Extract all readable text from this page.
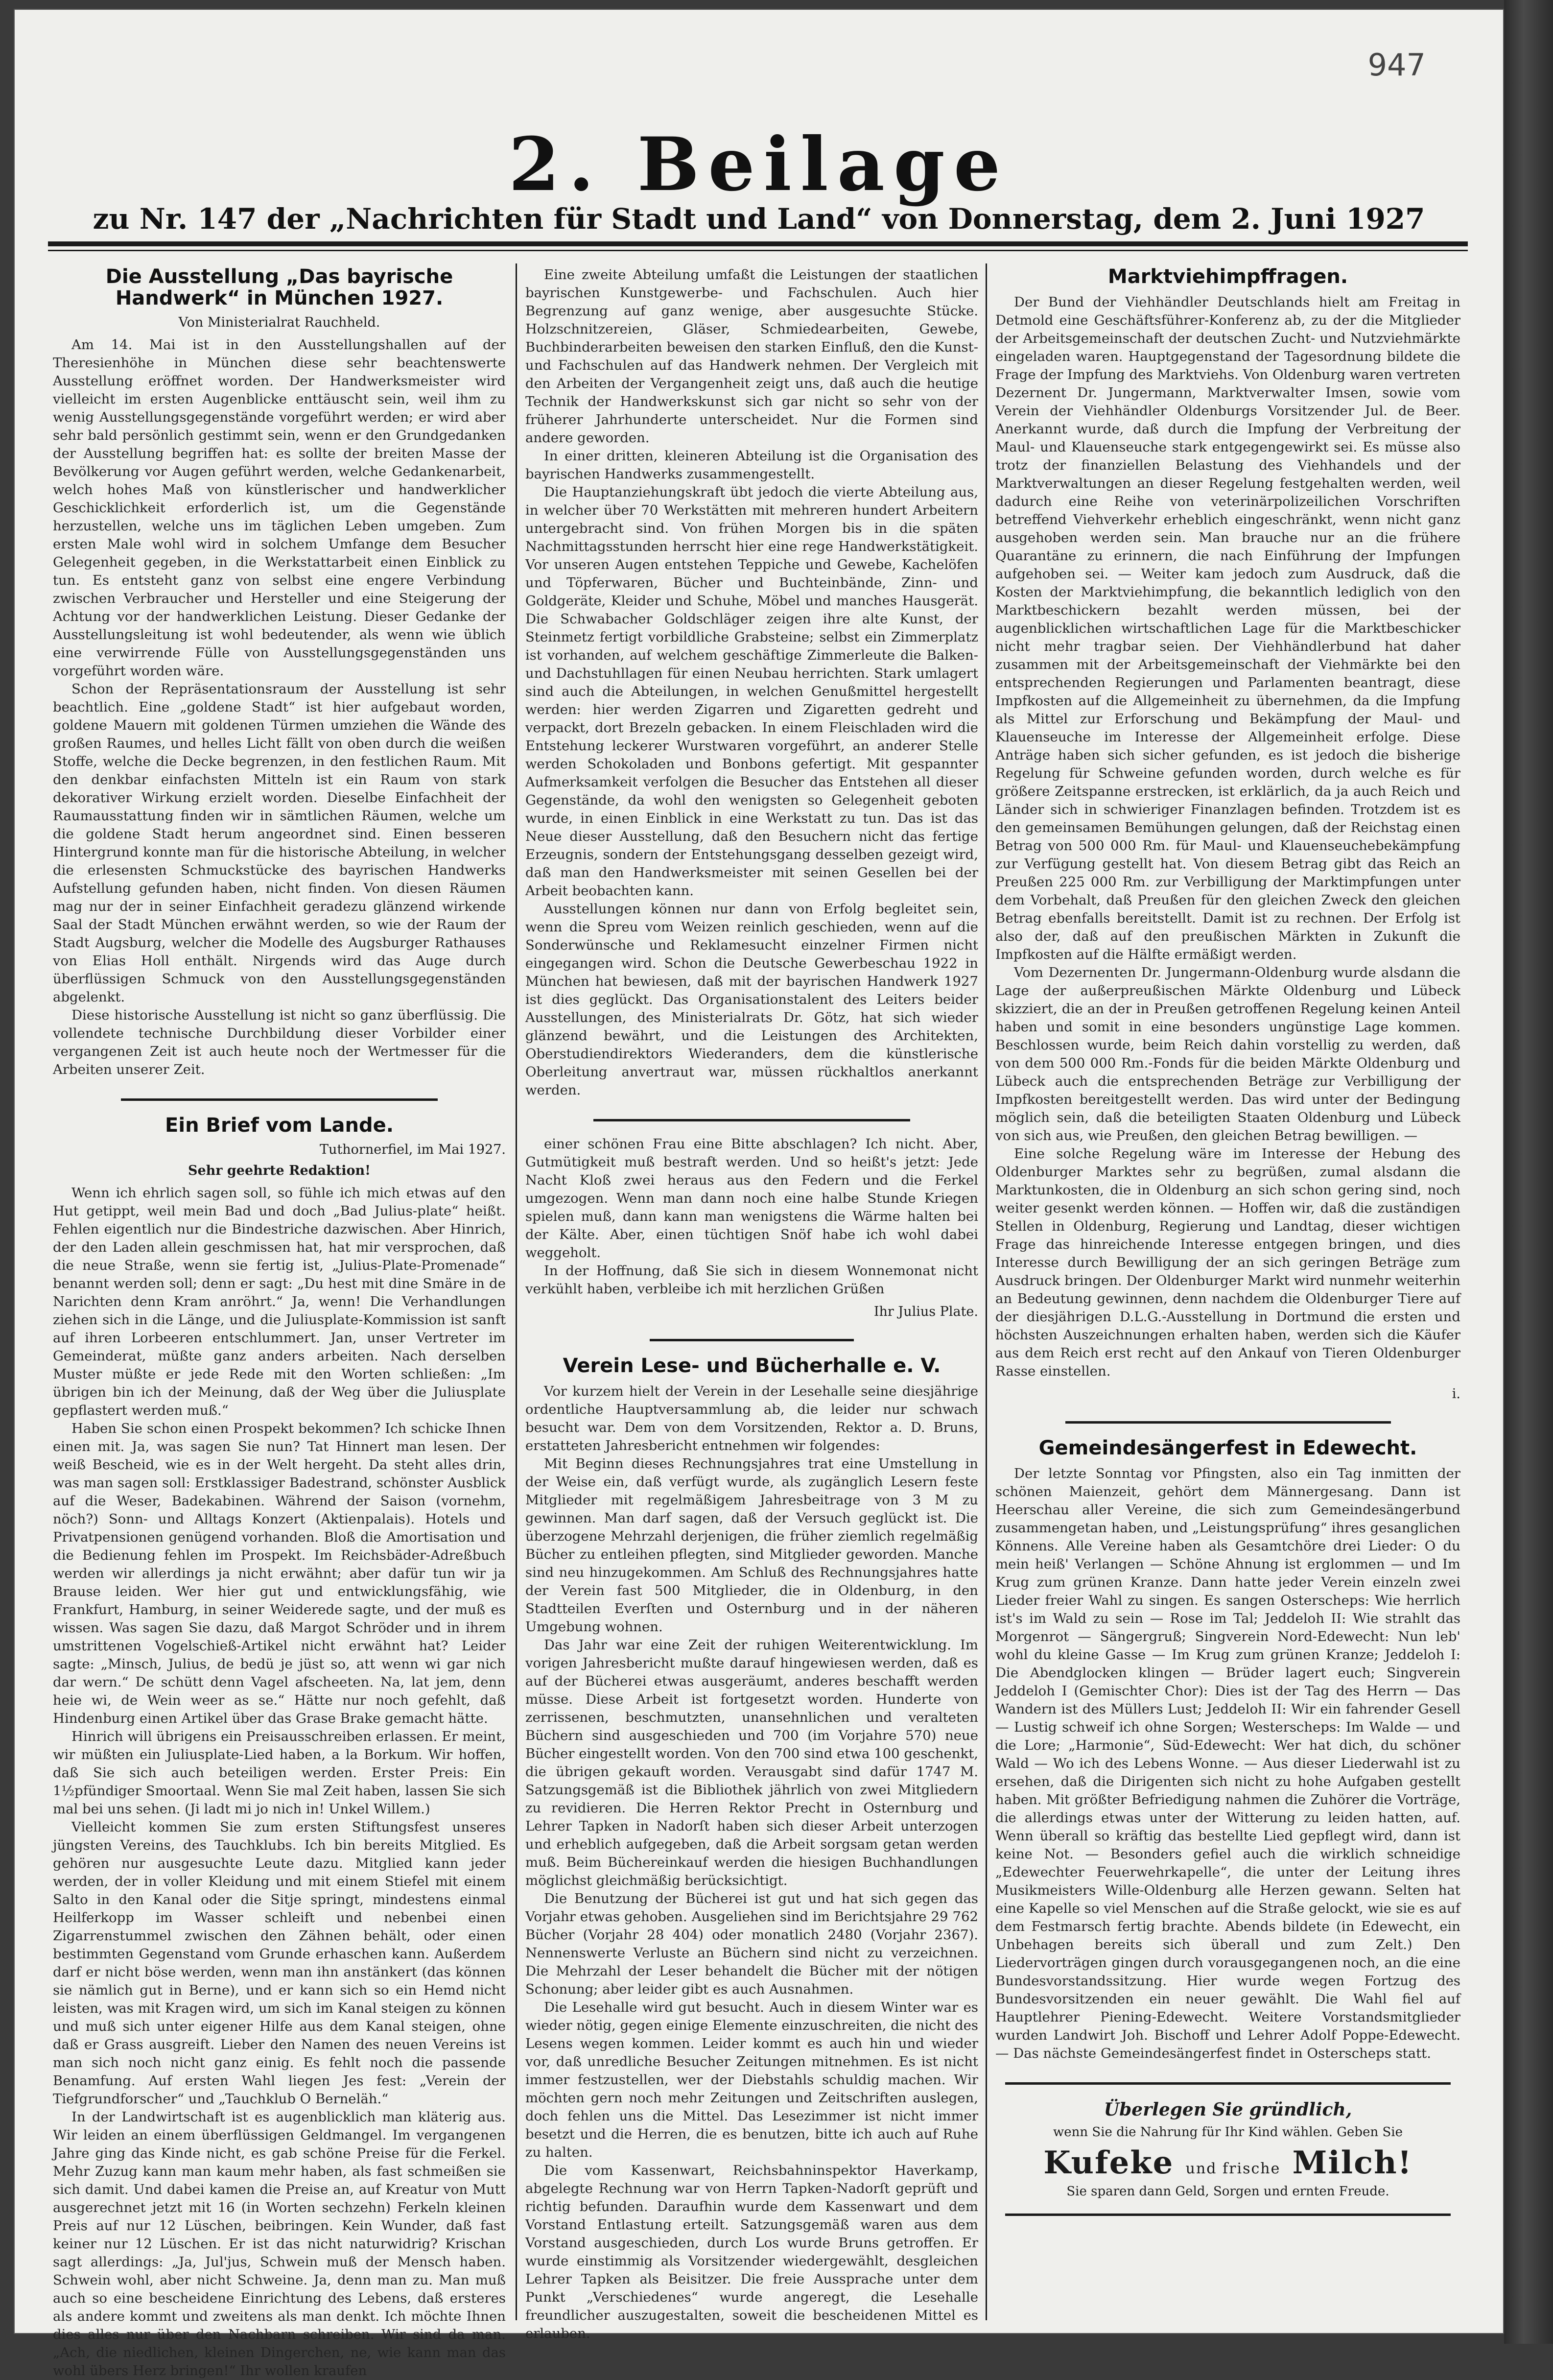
947
2. Beilage
zu Nr. 147 der „Nachrichten für Stadt und Land“ von Donnerstag, dem 2. Juni 1927
Die Ausstellung „Das bayrische Handwerk“ in München 1927.
Von Ministerialrat Rauchheld.

Am 14. Mai ist in den Ausstellungshallen auf der Theresienhöhe in München diese sehr beachtenswerte Ausstellung eröffnet worden. Der Handwerksmeister wird vielleicht im ersten Augenblicke enttäuscht sein, weil ihm zu wenig Ausstellungsgegenstände vorgeführt werden; er wird aber sehr bald persönlich gestimmt sein, wenn er den Grundgedanken der Ausstellung begriffen hat: es sollte der breiten Masse der Bevölkerung vor Augen geführt werden, welche Gedankenarbeit, welch hohes Maß von künstlerischer und handwerklicher Geschicklichkeit erforderlich ist, um die Gegenstände herzustellen, welche uns im täglichen Leben umgeben. Zum ersten Male wohl wird in solchem Umfange dem Besucher Gelegenheit gegeben, in die Werkstattarbeit einen Einblick zu tun. Es entsteht ganz von selbst eine engere Verbindung zwischen Verbraucher und Hersteller und eine Steigerung der Achtung vor der handwerklichen Leistung. Dieser Gedanke der Ausstellungsleitung ist wohl bedeutender, als wenn wie üblich eine verwirrende Fülle von Ausstellungsgegenständen uns vorgeführt worden wäre.

Schon der Repräsentationsraum der Ausstellung ist sehr beachtlich. Eine „goldene Stadt“ ist hier aufgebaut worden, goldene Mauern mit goldenen Türmen umziehen die Wände des großen Raumes, und helles Licht fällt von oben durch die weißen Stoffe, welche die Decke begrenzen, in den festlichen Raum. Mit den denkbar einfachsten Mitteln ist ein Raum von stark dekorativer Wirkung erzielt worden. Dieselbe Einfachheit der Raumausstattung finden wir in sämtlichen Räumen, welche um die goldene Stadt herum angeordnet sind. Einen besseren Hintergrund konnte man für die historische Abteilung, in welcher die erlesensten Schmuckstücke des bayrischen Handwerks Aufstellung gefunden haben, nicht finden. Von diesen Räumen mag nur der in seiner Einfachheit geradezu glänzend wirkende Saal der Stadt München erwähnt werden, so wie der Raum der Stadt Augsburg, welcher die Modelle des Augsburger Rathauses von Elias Holl enthält. Nirgends wird das Auge durch überflüssigen Schmuck von den Ausstellungsgegenständen abgelenkt.

Diese historische Ausstellung ist nicht so ganz überflüssig. Die vollendete technische Durchbildung dieser Vorbilder einer vergangenen Zeit ist auch heute noch der Wertmesser für die Arbeiten unserer Zeit.

Ein Brief vom Lande.
Tuthornerfiel, im Mai 1927.
Sehr geehrte Redaktion!

Wenn ich ehrlich sagen soll, so fühle ich mich etwas auf den Hut getippt, weil mein Bad und doch „Bad Julius-plate“ heißt. Fehlen eigentlich nur die Bindestriche dazwischen. Aber Hinrich, der den Laden allein geschmissen hat, hat mir versprochen, daß die neue Straße, wenn sie fertig ist, „Julius-Plate-Promenade“ benannt werden soll; denn er sagt: „Du hest mit dine Smäre in de Narichten denn Kram anröhrt.“ Ja, wenn! Die Verhandlungen ziehen sich in die Länge, und die Juliusplate-Kommission ist sanft auf ihren Lorbeeren entschlummert. Jan, unser Vertreter im Gemeinderat, müßte ganz anders arbeiten. Nach derselben Muster müßte er jede Rede mit den Worten schließen: „Im übrigen bin ich der Meinung, daß der Weg über die Juliusplate gepflastert werden muß.“

Haben Sie schon einen Prospekt bekommen? Ich schicke Ihnen einen mit. Ja, was sagen Sie nun? Tat Hinnert man lesen. Der weiß Bescheid, wie es in der Welt hergeht. Da steht alles drin, was man sagen soll: Erstklassiger Badestrand, schönster Ausblick auf die Weser, Badekabinen. Während der Saison (vornehm, nöch?) Sonn- und Alltags Konzert (Aktienpalais). Hotels und Privatpensionen genügend vorhanden. Bloß die Amortisation und die Bedienung fehlen im Prospekt. Im Reichsbäder-Adreßbuch werden wir allerdings ja nicht erwähnt; aber dafür tun wir ja Brause leiden. Wer hier gut und entwicklungsfähig, wie Frankfurt, Hamburg, in seiner Weiderede sagte, und der muß es wissen. Was sagen Sie dazu, daß Margot Schröder und in ihrem umstrittenen Vogelschieß-Artikel nicht erwähnt hat? Leider sagte: „Minsch, Julius, de bedü je jüst so, att wenn wi gar nich dar wern.“ De schütt denn Vagel afscheeten. Na, lat jem, denn heie wi, de Wein weer as se.“ Hätte nur noch gefehlt, daß Hindenburg einen Artikel über das Grase Brake gemacht hätte.

Hinrich will übrigens ein Preisausschreiben erlassen. Er meint, wir müßten ein Juliusplate-Lied haben, a la Borkum. Wir hoffen, daß Sie sich auch beteiligen werden. Erster Preis: Ein 1½pfündiger Smoortaal. Wenn Sie mal Zeit haben, lassen Sie sich mal bei uns sehen. (Ji ladt mi jo nich in! Unkel Willem.)

Vielleicht kommen Sie zum ersten Stiftungsfest unseres jüngsten Vereins, des Tauchklubs. Ich bin bereits Mitglied. Es gehören nur ausgesuchte Leute dazu. Mitglied kann jeder werden, der in voller Kleidung und mit einem Stiefel mit einem Salto in den Kanal oder die Sitje springt, mindestens einmal Heilferkopp im Wasser schleift und nebenbei einen Zigarrenstummel zwischen den Zähnen behält, oder einen bestimmten Gegenstand vom Grunde erhaschen kann. Außerdem darf er nicht böse werden, wenn man ihn anstänkert (das können sie nämlich gut in Berne), und er kann sich so ein Hemd nicht leisten, was mit Kragen wird, um sich im Kanal steigen zu können und muß sich unter eigener Hilfe aus dem Kanal steigen, ohne daß er Grass ausgreift. Lieber den Namen des neuen Vereins ist man sich noch nicht ganz einig. Es fehlt noch die passende Benamfung. Auf ersten Wahl liegen Jes fest: „Verein der Tiefgrundforscher“ und „Tauchklub O Berneläh.“

In der Landwirtschaft ist es augenblicklich man kläterig aus. Wir leiden an einem überflüssigen Geldmangel. Im vergangenen Jahre ging das Kinde nicht, es gab schöne Preise für die Ferkel. Mehr Zuzug kann man kaum mehr haben, als fast schmeißen sie sich damit. Und dabei kamen die Preise an, auf Kreatur von Mutt ausgerechnet jetzt mit 16 (in Worten sechzehn) Ferkeln kleinen Preis auf nur 12 Lüschen, beibringen. Kein Wunder, daß fast keiner nur 12 Lüschen. Er ist das nicht naturwidrig? Krischan sagt allerdings: „Ja, Jul'jus, Schwein muß der Mensch haben. Schwein wohl, aber nicht Schweine. Ja, denn man zu. Man muß auch so eine bescheidene Einrichtung des Lebens, daß ersteres als andere kommt und zweitens als man denkt. Ich möchte Ihnen dies alles nur über den Nachbarn schreiben. Wir sind da man. „Ach, die niedlichen, kleinen Dingerchen, ne, wie kann man das wohl übers Herz bringen!“ Ihr wollen kraufen

Eine zweite Abteilung umfaßt die Leistungen der staatlichen bayrischen Kunstgewerbe- und Fachschulen. Auch hier Begrenzung auf ganz wenige, aber ausgesuchte Stücke. Holzschnitzereien, Gläser, Schmiedearbeiten, Gewebe, Buchbinderarbeiten beweisen den starken Einfluß, den die Kunst- und Fachschulen auf das Handwerk nehmen. Der Vergleich mit den Arbeiten der Vergangenheit zeigt uns, daß auch die heutige Technik der Handwerkskunst sich gar nicht so sehr von der früherer Jahrhunderte unterscheidet. Nur die Formen sind andere geworden.

In einer dritten, kleineren Abteilung ist die Organisation des bayrischen Handwerks zusammengestellt.

Die Hauptanziehungskraft übt jedoch die vierte Abteilung aus, in welcher über 70 Werkstätten mit mehreren hundert Arbeitern untergebracht sind. Von frühen Morgen bis in die späten Nachmittagsstunden herrscht hier eine rege Handwerkstätigkeit. Vor unseren Augen entstehen Teppiche und Gewebe, Kachelöfen und Töpferwaren, Bücher und Buchteinbände, Zinn- und Goldgeräte, Kleider und Schuhe, Möbel und manches Hausgerät. Die Schwabacher Goldschläger zeigen ihre alte Kunst, der Steinmetz fertigt vorbildliche Grabsteine; selbst ein Zimmerplatz ist vorhanden, auf welchem geschäftige Zimmerleute die Balken- und Dachstuhllagen für einen Neubau herrichten. Stark umlagert sind auch die Abteilungen, in welchen Genußmittel hergestellt werden: hier werden Zigarren und Zigaretten gedreht und verpackt, dort Brezeln gebacken. In einem Fleischladen wird die Entstehung leckerer Wurstwaren vorgeführt, an anderer Stelle werden Schokoladen und Bonbons gefertigt. Mit gespannter Aufmerksamkeit verfolgen die Besucher das Entstehen all dieser Gegenstände, da wohl den wenigsten so Gelegenheit geboten wurde, in einen Einblick in eine Werkstatt zu tun. Das ist das Neue dieser Ausstellung, daß den Besuchern nicht das fertige Erzeugnis, sondern der Entstehungsgang desselben gezeigt wird, daß man den Handwerksmeister mit seinen Gesellen bei der Arbeit beobachten kann.

Ausstellungen können nur dann von Erfolg begleitet sein, wenn die Spreu vom Weizen reinlich geschieden, wenn auf die Sonderwünsche und Reklamesucht einzelner Firmen nicht eingegangen wird. Schon die Deutsche Gewerbeschau 1922 in München hat bewiesen, daß mit der bayrischen Handwerk 1927 ist dies geglückt. Das Organisationstalent des Leiters beider Ausstellungen, des Ministerialrats Dr. Götz, hat sich wieder glänzend bewährt, und die Leistungen des Architekten, Oberstudiendirektors Wiederanders, dem die künstlerische Oberleitung anvertraut war, müssen rückhaltlos anerkannt werden.

einer schönen Frau eine Bitte abschlagen? Ich nicht. Aber, Gutmütigkeit muß bestraft werden. Und so heißt's jetzt: Jede Nacht Kloß zwei heraus aus den Federn und die Ferkel umgezogen. Wenn man dann noch eine halbe Stunde Kriegen spielen muß, dann kann man wenigstens die Wärme halten bei der Kälte. Aber, einen tüchtigen Snöf habe ich wohl dabei weggeholt.

In der Hoffnung, daß Sie sich in diesem Wonnemonat nicht verkühlt haben, verbleibe ich mit herzlichen Grüßen

Ihr Julius Plate.
Verein Lese- und Bücherhalle e. V.

Vor kurzem hielt der Verein in der Lesehalle seine diesjährige ordentliche Hauptversammlung ab, die leider nur schwach besucht war. Dem von dem Vorsitzenden, Rektor a. D. Bruns, erstatteten Jahresbericht entnehmen wir folgendes:

Mit Beginn dieses Rechnungsjahres trat eine Umstellung in der Weise ein, daß verfügt wurde, als zugänglich Lesern feste Mitglieder mit regelmäßigem Jahresbeitrage von 3 M zu gewinnen. Man darf sagen, daß der Versuch geglückt ist. Die überzogene Mehrzahl derjenigen, die früher ziemlich regelmäßig Bücher zu entleihen pflegten, sind Mitglieder geworden. Manche sind neu hinzugekommen. Am Schluß des Rechnungsjahres hatte der Verein fast 500 Mitglieder, die in Oldenburg, in den Stadtteilen Everſten und Osternburg und in der näheren Umgebung wohnen.

Das Jahr war eine Zeit der ruhigen Weiterentwicklung. Im vorigen Jahresbericht mußte darauf hingewiesen werden, daß es auf der Bücherei etwas ausgeräumt, anderes beschafft werden müsse. Diese Arbeit ist fortgesetzt worden. Hunderte von zerrissenen, beschmutzten, unansehnlichen und veralteten Büchern sind ausgeschieden und 700 (im Vorjahre 570) neue Bücher eingestellt worden. Von den 700 sind etwa 100 geschenkt, die übrigen gekauft worden. Verausgabt sind dafür 1747 M. Satzungsgemäß ist die Bibliothek jährlich von zwei Mitgliedern zu revidieren. Die Herren Rektor Precht in Osternburg und Lehrer Tapken in Nadorſt haben sich dieser Arbeit unterzogen und erheblich aufgegeben, daß die Arbeit sorgsam getan werden muß. Beim Büchereinkauf werden die hiesigen Buchhandlungen möglichst gleichmäßig berücksichtigt.

Die Benutzung der Bücherei ist gut und hat sich gegen das Vorjahr etwas gehoben. Ausgeliehen sind im Berichtsjahre 29 762 Bücher (Vorjahr 28 404) oder monatlich 2480 (Vorjahr 2367). Nennenswerte Verluste an Büchern sind nicht zu verzeichnen. Die Mehrzahl der Leser behandelt die Bücher mit der nötigen Schonung; aber leider gibt es auch Ausnahmen.

Die Lesehalle wird gut besucht. Auch in diesem Winter war es wieder nötig, gegen einige Elemente einzuschreiten, die nicht des Lesens wegen kommen. Leider kommt es auch hin und wieder vor, daß unredliche Besucher Zeitungen mitnehmen. Es ist nicht immer festzustellen, wer der Diebstahls schuldig machen. Wir möchten gern noch mehr Zeitungen und Zeitschriften auslegen, doch fehlen uns die Mittel. Das Lesezimmer ist nicht immer besetzt und die Herren, die es benutzen, bitte ich auch auf Ruhe zu halten.

Die vom Kassenwart, Reichsbahninspektor Haverkamp, abgelegte Rechnung war von Herrn Tapken-Nadorſt geprüft und richtig befunden. Daraufhin wurde dem Kassenwart und dem Vorstand Entlastung erteilt. Satzungsgemäß waren aus dem Vorstand ausgeschieden, durch Los wurde Bruns getroffen. Er wurde einstimmig als Vorsitzender wiedergewählt, desgleichen Lehrer Tapken als Beisitzer. Die freie Aussprache unter dem Punkt „Verschiedenes“ wurde angeregt, die Lesehalle freundlicher auszugestalten, soweit die bescheidenen Mittel es erlauben.

Marktviehimpffragen.

Der Bund der Viehhändler Deutschlands hielt am Freitag in Detmold eine Geschäftsführer-Konferenz ab, zu der die Mitglieder der Arbeitsgemeinschaft der deutschen Zucht- und Nutzviehmärkte eingeladen waren. Hauptgegenstand der Tagesordnung bildete die Frage der Impfung des Marktviehs. Von Oldenburg waren vertreten Dezernent Dr. Jungermann, Marktverwalter Imsen, sowie vom Verein der Viehhändler Oldenburgs Vorsitzender Jul. de Beer. Anerkannt wurde, daß durch die Impfung der Verbreitung der Maul- und Klauenseuche stark entgegengewirkt sei. Es müsse also trotz der finanziellen Belastung des Viehhandels und der Marktverwaltungen an dieser Regelung festgehalten werden, weil dadurch eine Reihe von veterinärpolizeilichen Vorschriften betreffend Viehverkehr erheblich eingeschränkt, wenn nicht ganz ausgehoben werden sein. Man brauche nur an die frühere Quarantäne zu erinnern, die nach Einführung der Impfungen aufgehoben sei. — Weiter kam jedoch zum Ausdruck, daß die Kosten der Marktviehimpfung, die bekanntlich lediglich von den Marktbeschickern bezahlt werden müssen, bei der augenblicklichen wirtschaftlichen Lage für die Marktbeschicker nicht mehr tragbar seien. Der Viehhändlerbund hat daher zusammen mit der Arbeitsgemeinschaft der Viehmärkte bei den entsprechenden Regierungen und Parlamenten beantragt, diese Impfkosten auf die Allgemeinheit zu übernehmen, da die Impfung als Mittel zur Erforschung und Bekämpfung der Maul- und Klauenseuche im Interesse der Allgemeinheit erfolge. Diese Anträge haben sich sicher gefunden, es ist jedoch die bisherige Regelung für Schweine gefunden worden, durch welche es für größere Zeitspanne erstrecken, ist erklärlich, da ja auch Reich und Länder sich in schwieriger Finanzlagen befinden. Trotzdem ist es den gemeinsamen Bemühungen gelungen, daß der Reichstag einen Betrag von 500 000 Rm. für Maul- und Klauenseuchebekämpfung zur Verfügung gestellt hat. Von diesem Betrag gibt das Reich an Preußen 225 000 Rm. zur Verbilligung der Marktimpfungen unter dem Vorbehalt, daß Preußen für den gleichen Zweck den gleichen Betrag ebenfalls bereitstellt. Damit ist zu rechnen. Der Erfolg ist also der, daß auf den preußischen Märkten in Zukunft die Impfkosten auf die Hälfte ermäßigt werden.

Vom Dezernenten Dr. Jungermann-Oldenburg wurde alsdann die Lage der außerpreußischen Märkte Oldenburg und Lübeck skizziert, die an der in Preußen getroffenen Regelung keinen Anteil haben und somit in eine besonders ungünstige Lage kommen. Beschlossen wurde, beim Reich dahin vorstellig zu werden, daß von dem 500 000 Rm.-Fonds für die beiden Märkte Oldenburg und Lübeck auch die entsprechenden Beträge zur Verbilligung der Impfkosten bereitgestellt werden. Das wird unter der Bedingung möglich sein, daß die beteiligten Staaten Oldenburg und Lübeck von sich aus, wie Preußen, den gleichen Betrag bewilligen. —

Eine solche Regelung wäre im Interesse der Hebung des Oldenburger Marktes sehr zu begrüßen, zumal alsdann die Marktunkosten, die in Oldenburg an sich schon gering sind, noch weiter gesenkt werden können. — Hoffen wir, daß die zuständigen Stellen in Oldenburg, Regierung und Landtag, dieser wichtigen Frage das hinreichende Interesse entgegen bringen, und dies Interesse durch Bewilligung der an sich geringen Beträge zum Ausdruck bringen. Der Oldenburger Markt wird nunmehr weiterhin an Bedeutung gewinnen, denn nachdem die Oldenburger Tiere auf der diesjährigen D.L.G.-Ausstellung in Dortmund die ersten und höchsten Auszeichnungen erhalten haben, werden sich die Käufer aus dem Reich erst recht auf den Ankauf von Tieren Oldenburger Rasse einstellen.

i.
Gemeindesängerfest in Edewecht.

Der letzte Sonntag vor Pfingsten, also ein Tag inmitten der schönen Maienzeit, gehört dem Männergesang. Dann ist Heerschau aller Vereine, die sich zum Gemeindesängerbund zusammengetan haben, und „Leistungsprüfung“ ihres gesanglichen Könnens. Alle Vereine haben als Gesamtchöre drei Lieder: O du mein heiß' Verlangen — Schöne Ahnung ist erglommen — und Im Krug zum grünen Kranze. Dann hatte jeder Verein einzeln zwei Lieder freier Wahl zu singen. Es sangen Osterscheps: Wie herrlich ist's im Wald zu sein — Rose im Tal; Jeddeloh II: Wie strahlt das Morgenrot — Sängergruß; Singverein Nord-Edewecht: Nun leb' wohl du kleine Gasse — Im Krug zum grünen Kranze; Jeddeloh I: Die Abendglocken klingen — Brüder lagert euch; Singverein Jeddeloh I (Gemischter Chor): Dies ist der Tag des Herrn — Das Wandern ist des Müllers Lust; Jeddeloh II: Wir ein fahrender Gesell — Lustig schweif ich ohne Sorgen; Westerscheps: Im Walde — und die Lore; „Harmonie“, Süd-Edewecht: Wer hat dich, du schöner Wald — Wo ich des Lebens Wonne. — Aus dieser Liederwahl ist zu ersehen, daß die Dirigenten sich nicht zu hohe Aufgaben gestellt haben. Mit größter Befriedigung nahmen die Zuhörer die Vorträge, die allerdings etwas unter der Witterung zu leiden hatten, auf. Wenn überall so kräftig das bestellte Lied gepflegt wird, dann ist keine Not. — Besonders gefiel auch die wirklich schneidige „Edewechter Feuerwehrkapelle“, die unter der Leitung ihres Musikmeisters Wille-Oldenburg alle Herzen gewann. Selten hat eine Kapelle so viel Menschen auf die Straße gelockt, wie sie es auf dem Festmarsch fertig brachte. Abends bildete (in Edewecht, ein Unbehagen bereits sich überall und zum Zelt.) Den Liedervorträgen gingen durch vorausgegangenen noch, an die eine Bundesvorstandssitzung. Hier wurde wegen Fortzug des Bundesvorsitzenden ein neuer gewählt. Die Wahl fiel auf Hauptlehrer Piening-Edewecht. Weitere Vorstandsmitglieder wurden Landwirt Joh. Bischoff und Lehrer Adolf Poppe-Edewecht. — Das nächste Gemeindesängerfest findet in Osterscheps statt.

Überlegen Sie gründlich,
wenn Sie die Nahrung für Ihr Kind wählen. Geben Sie
Kufeke und frische Milch!
Sie sparen dann Geld, Sorgen und ernten Freude.
